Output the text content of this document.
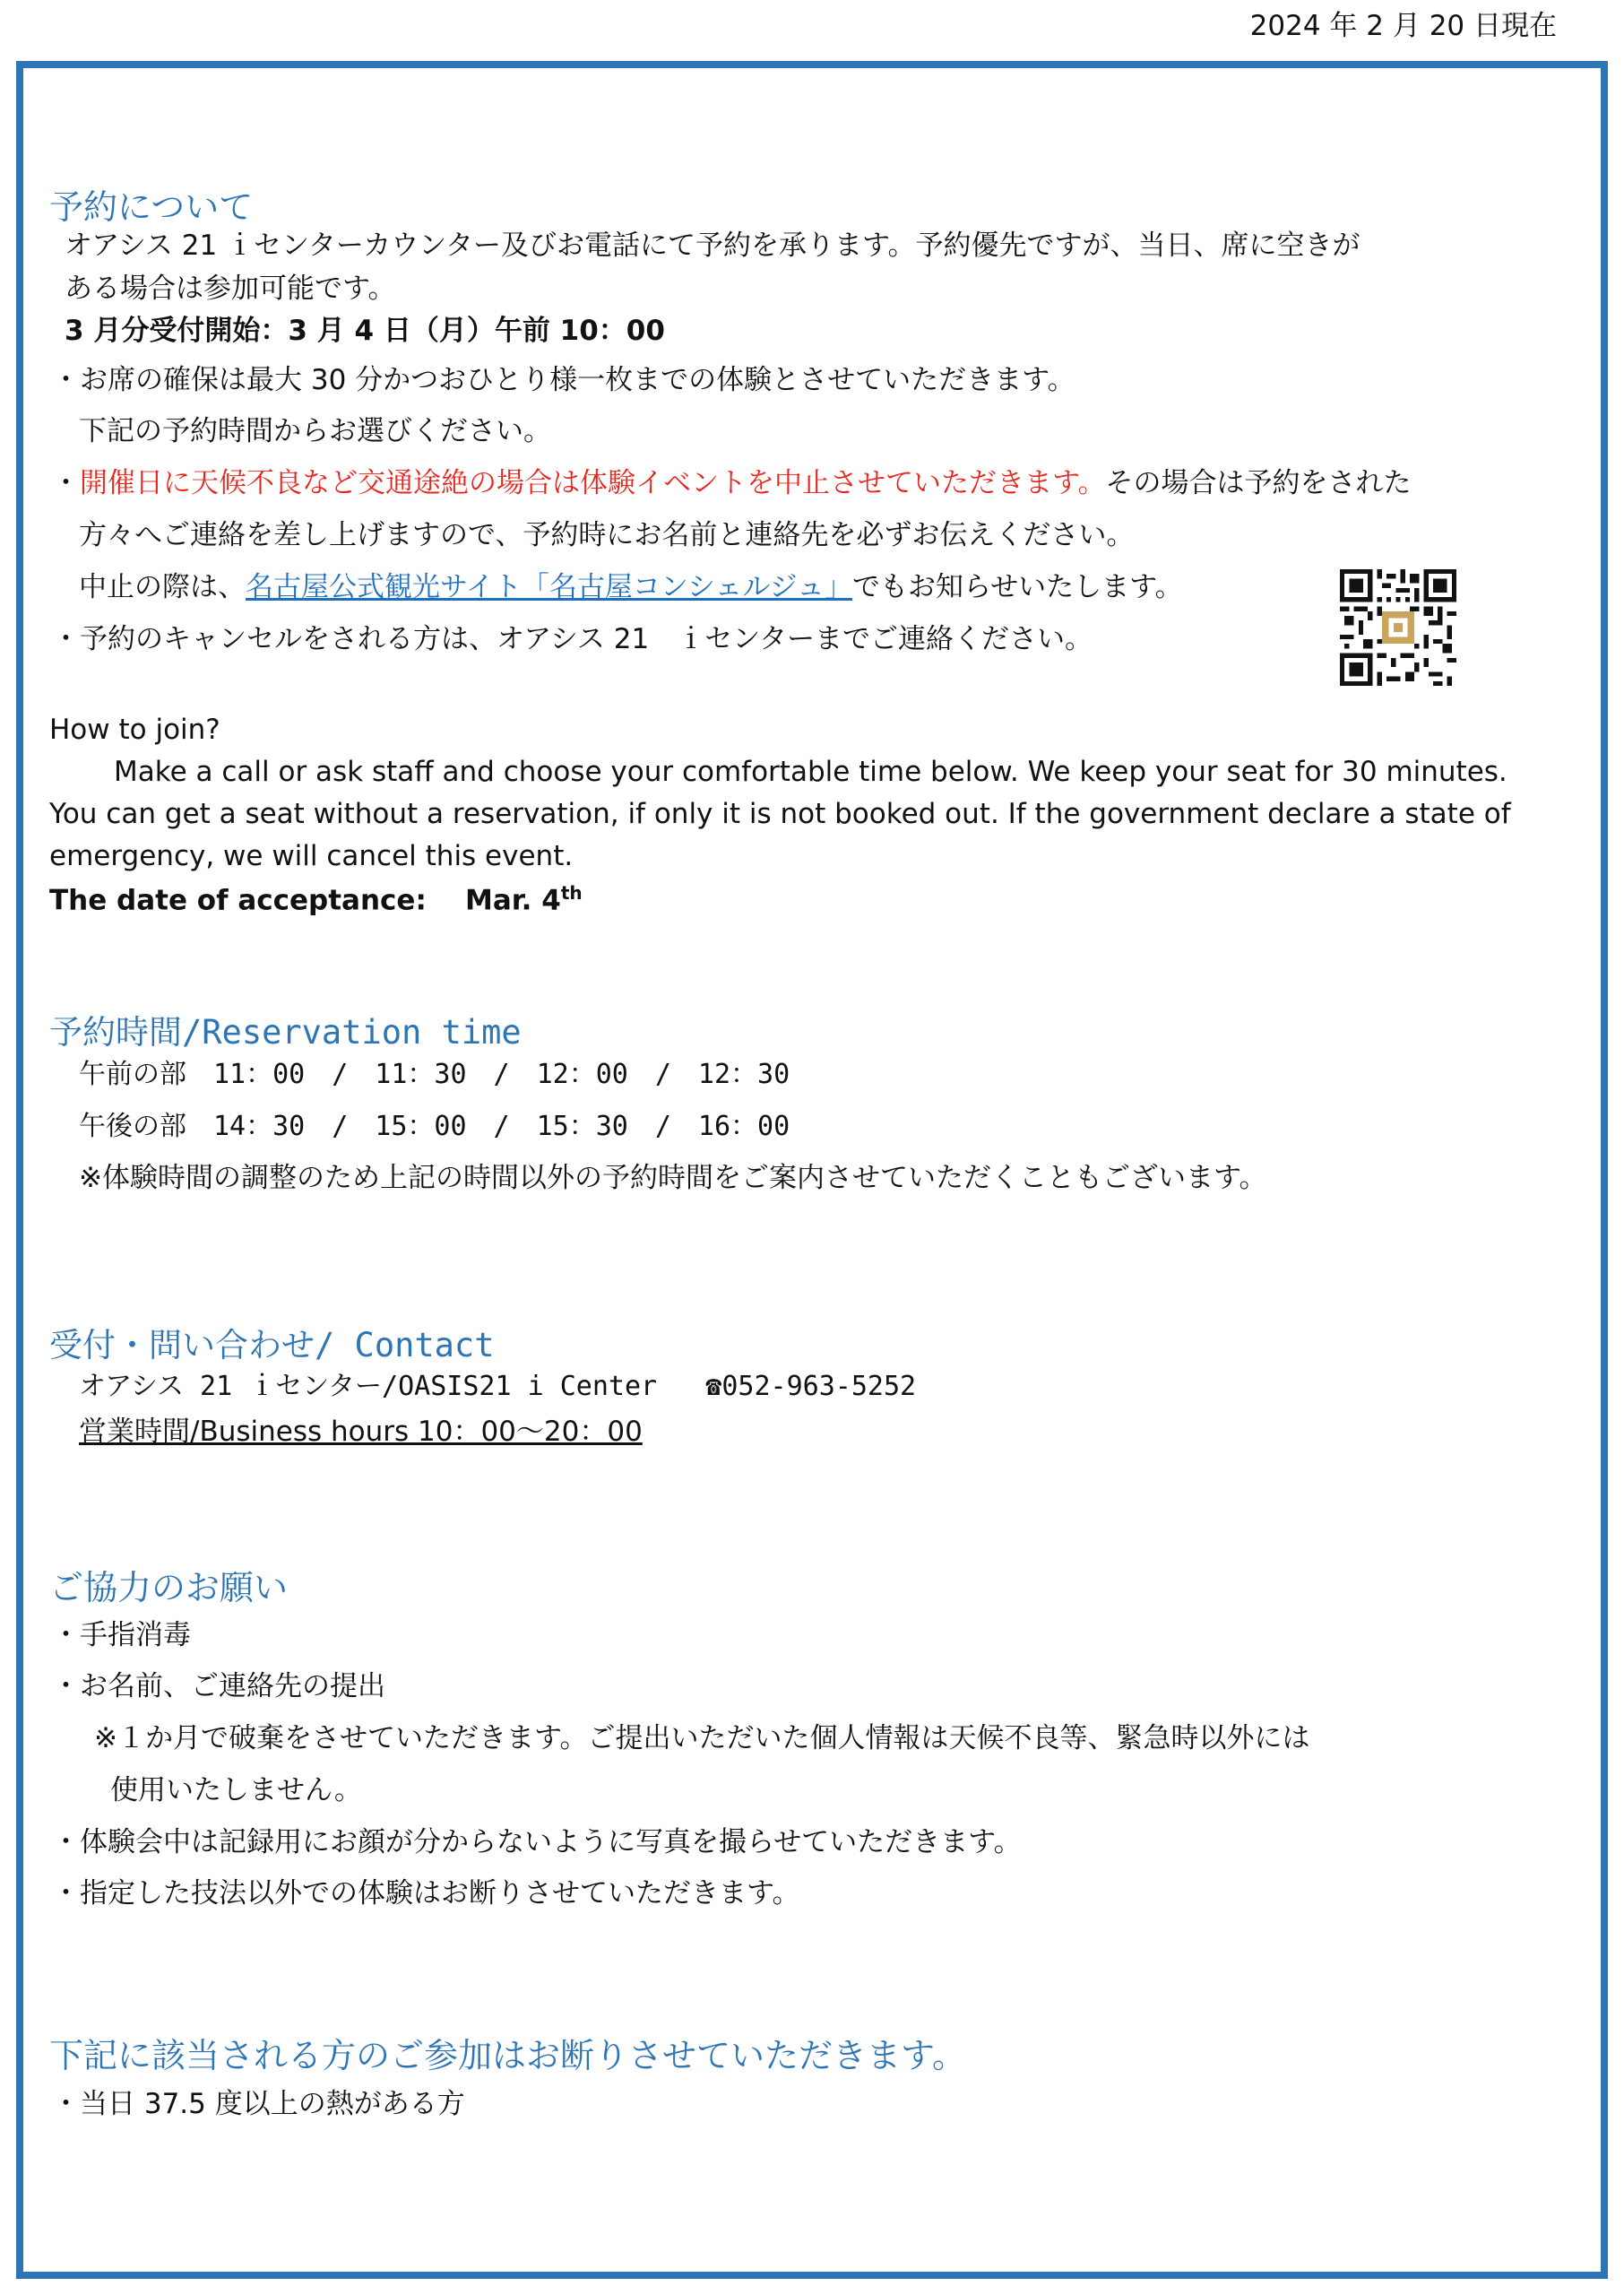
2024 年 2 月 20 日現在
予約について
オアシス 21 ｉセンターカウンター及びお電話にて予約を承ります。予約優先ですが、当日、席に空きが
ある場合は参加可能です。
3 月分受付開始：3 月 4 日（月）午前 10：00
・お席の確保は最大 30 分かつおひとり様一枚までの体験とさせていただきます。
下記の予約時間からお選びください。
・開催日に天候不良など交通途絶の場合は体験イベントを中止させていただきます。その場合は予約をされた
方々へご連絡を差し上げますので、予約時にお名前と連絡先を必ずお伝えください。
中止の際は、名古屋公式観光サイト「名古屋コンシェルジュ」でもお知らせいたします。
・予約のキャンセルをされる方は、オアシス 21　ｉセンターまでご連絡ください。
How to join?
Make a call or ask staff and choose your comfortable time below. We keep your seat for 30 minutes.
You can get a seat without a reservation, if only it is not booked out. If the government declare a state of
emergency, we will cancel this event.
The date of acceptance: Mar. 4th
予約時間/Reservation time
午前の部　11：00　/　11：30　/　12：00　/　12：30
午後の部　14：30　/　15：00　/　15：30　/　16：00
※体験時間の調整のため上記の時間以外の予約時間をご案内させていただくこともございます。
受付・問い合わせ/ Contact
オアシス 21 ｉセンター/OASIS21 i Center ☎052-963-5252
営業時間/Business hours 10：00～20：00
ご協力のお願い
・手指消毒
・お名前、ご連絡先の提出
※１か月で破棄をさせていただきます。ご提出いただいた個人情報は天候不良等、緊急時以外には
使用いたしません。
・体験会中は記録用にお顔が分からないように写真を撮らせていただきます。
・指定した技法以外での体験はお断りさせていただきます。
下記に該当される方のご参加はお断りさせていただきます。
・当日 37.5 度以上の熱がある方
